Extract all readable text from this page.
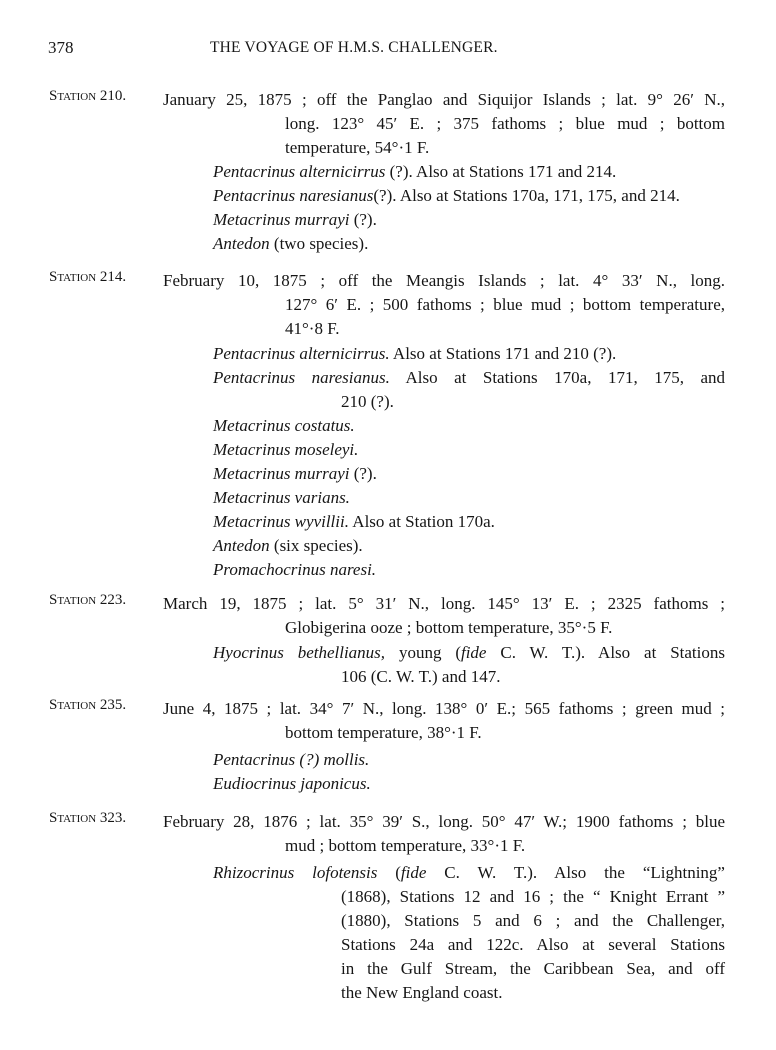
378	THE VOYAGE OF H.M.S. CHALLENGER.
Station 210. January 25, 1875 ; off the Panglao and Siquijor Islands ; lat. 9° 26′ N.,
long. 123° 45′ E. ; 375 fathoms ; blue mud ; bottom
temperature, 54°·1 F.
Pentacrinus alternicirrus (?). Also at Stations 171 and 214.
Pentacrinus naresianus(?). Also at Stations 170a, 171, 175, and 214.
Metacrinus murrayi (?).
Antedon (two species).
Station 214. February 10, 1875 ; off the Meangis Islands ; lat. 4° 33′ N., long.
127° 6′ E. ; 500 fathoms ; blue mud ; bottom temperature,
41°·8 F.
Pentacrinus alternicirrus. Also at Stations 171 and 210 (?).
Pentacrinus naresianus. Also at Stations 170a, 171, 175, and
210 (?).
Metacrinus costatus.
Metacrinus moseleyi.
Metacrinus murrayi (?).
Metacrinus varians.
Metacrinus wyvillii. Also at Station 170a.
Antedon (six species).
Promachocrinus naresi.
Station 223. March 19, 1875 ; lat. 5° 31′ N., long. 145° 13′ E. ; 2325 fathoms ;
Globigerina ooze ; bottom temperature, 35°·5 F.
Hyocrinus bethellianus, young (fide C. W. T.). Also at Stations
106 (C. W. T.) and 147.
Station 235. June 4, 1875 ; lat. 34° 7′ N., long. 138° 0′ E.; 565 fathoms ; green mud ;
bottom temperature, 38°·1 F.
Pentacrinus (?) mollis.
Eudiocrinus japonicus.
Station 323. February 28, 1876 ; lat. 35° 39′ S., long. 50° 47′ W.; 1900 fathoms ; blue
mud ; bottom temperature, 33°·1 F.
Rhizocrinus lofotensis (fide C. W. T.). Also the “Lightning”
(1868), Stations 12 and 16 ; the “ Knight Errant ”
(1880), Stations 5 and 6 ; and the Challenger,
Stations 24a and 122c. Also at several Stations
in the Gulf Stream, the Caribbean Sea, and off
the New England coast.
